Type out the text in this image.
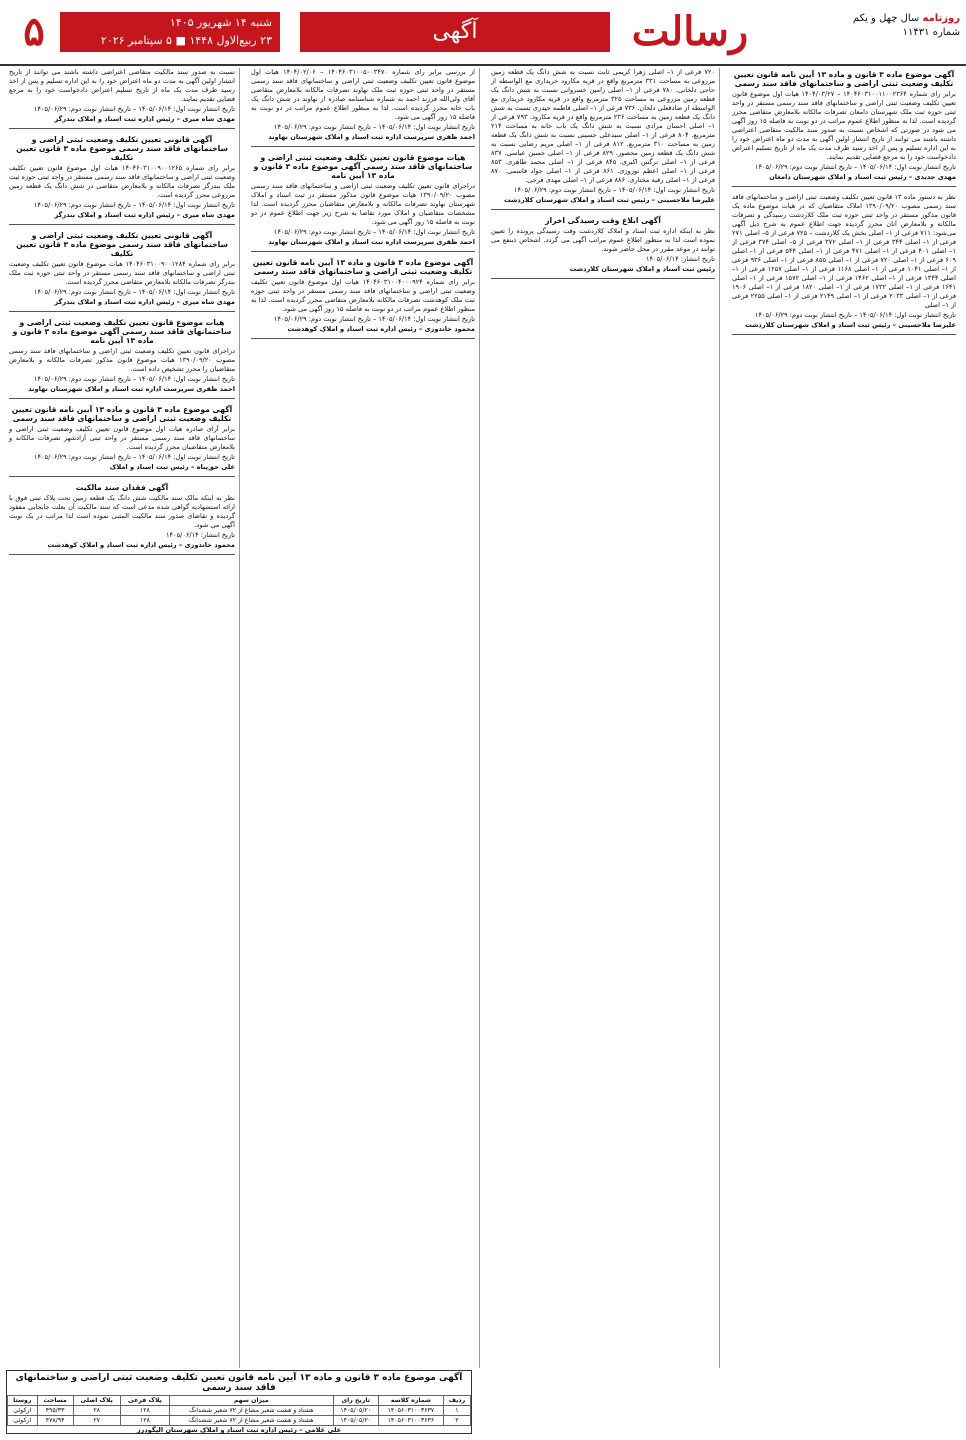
۵	شنبه ۱۴ شهریور ۱۴۰۵
۲۳ ربیع‌الاول ۱۴۴۸ ■ ۵ سپتامبر ۲۰۲۶	آگهی	رسالت	روزنامه سال چهل و یکم
شماره ۱۱۴۳۱
آگهی موضوع ماده ۳ قانون و ماده ۱۳ آیین نامه قانون تعیین تکلیف وضعیت ثبتی اراضی و ساختمانهای فاقد سند رسمی

برابر رای شماره ۱۴۰۴۶۰۳۱۰۰۱۱۰۰۲۳۶۴ – ۱۴۰۴/۰۳/۲۷ هیات اول موضوع قانون تعیین تکلیف وضعیت ثبتی اراضی و ساختمانهای فاقد سند رسمی مستقر در واحد ثبتی حوزه ثبت ملک شهرستان دامغان تصرفات مالکانه بلامعارض متقاضی محرز گردیده است. لذا به منظور اطلاع عموم مراتب در دو نوبت به فاصله ۱۵ روز آگهی می شود در صورتی که اشخاص نسبت به صدور سند مالکیت متقاضی اعتراضی داشته باشند می توانند از تاریخ انتشار اولین آگهی به مدت دو ماه اعتراض خود را به این اداره تسلیم و پس از اخذ رسید ظرف مدت یک ماه از تاریخ تسلیم اعتراض دادخواست خود را به مرجع قضایی تقدیم نمایند.

تاریخ انتشار نوبت اول: ۱۴۰۵/۰۶/۱۴ – تاریخ انتشار نوبت دوم: ۱۴۰۵/۰۶/۲۹

مهدی جدیدی – رئیس ثبت اسناد و املاک شهرستان دامغان

نظر به دستور ماده ۱۳ قانون تعیین تکلیف وضعیت ثبتی اراضی و ساختمانهای فاقد سند رسمی مصوب ۱۳۹۰/۰۹/۲۰ املاک متقاضیان که در هیات موضوع ماده یک قانون مذکور مستقر در واحد ثبتی حوزه ثبت ملک کلاردشت رسیدگی و تصرفات مالکانه و بلامعارض آنان محرز گردیده جهت اطلاع عموم به شرح ذیل آگهی می‌شود: ۷۱۱ فرعی از ۱– اصلی بخش یک کلاردشت – ۷۲۵ فرعی از ۵– اصلی ۲۷۱ فرعی از ۱– اصلی ۳۴۴ فرعی از ۱– اصلی ۳۷۲ فرعی از ۵– اصلی ۳۷۴ فرعی از ۱– اصلی ۴۰۱ فرعی از ۱– اصلی ۴۷۱ فرعی از ۱– اصلی ۵۴۴ فرعی از ۱– اصلی ۶۰۹ فرعی از ۱– اصلی ۷۲۰ فرعی از ۱– اصلی ۸۵۵ فرعی از ۱– اصلی ۹۳۶ فرعی از ۱– اصلی ۱۰۴۱ فرعی از ۱– اصلی ۱۱۶۸ فرعی از ۱– اصلی ۱۲۵۷ فرعی از ۱– اصلی ۱۳۴۴ فرعی از ۱– اصلی ۱۴۶۲ فرعی از ۱– اصلی ۱۵۷۲ فرعی از ۱– اصلی ۱۶۴۱ فرعی از ۱– اصلی ۱۷۳۲ فرعی از ۱– اصلی ۱۸۲۰ فرعی از ۱– اصلی ۱۹۰۶ فرعی از ۱– اصلی ۲۰۳۳ فرعی از ۱– اصلی ۲۱۴۹ فرعی از ۱– اصلی ۲۲۵۵ فرعی از ۱– اصلی

تاریخ انتشار نوبت اول: ۱۴۰۵/۰۶/۱۴ – تاریخ انتشار نوبت دوم: ۱۴۰۵/۰۶/۲۹

علیرضا ملاحسینی – رئیس ثبت اسناد و املاک شهرستان کلاردشت

۷۲۰ فرعی از ۱– اصلی زهرا کریمی ثابت نسبت به شش دانگ یک قطعه زمین مزروعی به مساحت ۳۳۱ مترمربع واقع در قریه مکارود خریداری مع الواسطه از حاجی دلخانی. ۷۸۰ فرعی از ۱– اصلی رامین خسروانی نسبت به شش دانگ یک قطعه زمین مزروعی به مساحت ۳۲۵ مترمربع واقع در قریه مکارود خریداری مع الواسطه از صادقعلی دلخان. ۷۳۶ فرعی از ۱– اصلی فاطمه حیدری نسبت به شش دانگ یک قطعه زمین به مساحت ۲۳۶ مترمربع واقع در قریه مکارود. ۷۹۳ فرعی از ۱– اصلی احسان مرادی نسبت به شش دانگ یک باب خانه به مساحت ۲۱۴ مترمربع. ۸۰۴ فرعی از ۱– اصلی سیدعلی حسینی نسبت به شش دانگ یک قطعه زمین به مساحت ۳۱۰ مترمربع. ۸۱۲ فرعی از ۱– اصلی مریم رضایی نسبت به شش دانگ یک قطعه زمین محصور. ۸۲۹ فرعی از ۱– اصلی حسین عباسی. ۸۳۷ فرعی از ۱– اصلی نرگس اکبری. ۸۴۵ فرعی از ۱– اصلی محمد طاهری. ۸۵۳ فرعی از ۱– اصلی اعظم نوروزی. ۸۶۱ فرعی از ۱– اصلی جواد قاسمی. ۸۷۰ فرعی از ۱– اصلی رقیه مختاری. ۸۸۶ فرعی از ۱– اصلی مهدی فرجی.

تاریخ انتشار نوبت اول: ۱۴۰۵/۰۶/۱۴ – تاریخ انتشار نوبت دوم: ۱۴۰۵/۰۶/۲۹

علیرضا ملاحسینی – رئیس ثبت اسناد و املاک شهرستان کلاردشت

آگهی ابلاغ وقت رسیدگی اخراز

نظر به اینکه اداره ثبت اسناد و املاک کلاردشت وقت رسیدگی پرونده را تعیین نموده است لذا به منظور اطلاع عموم مراتب آگهی می گردد. اشخاص ذینفع می توانند در موعد مقرر در محل حاضر شوند.

تاریخ انتشار: ۱۴۰۵/۰۶/۱۴

رئیس ثبت اسناد و املاک شهرستان کلاردشت

از بررسی برابر رای شماره ۱۴۰۴۶۰۳۱۰۰۵۰۰۳۴۷۰ – ۱۴۰۴/۰۲/۰۶ هیات اول موضوع قانون تعیین تکلیف وضعیت ثبتی اراضی و ساختمانهای فاقد سند رسمی مستقر در واحد ثبتی حوزه ثبت ملک نهاوند تصرفات مالکانه بلامعارض متقاضی آقای ولی‌الله فرزند احمد به شماره شناسنامه صادره از نهاوند در شش دانگ یک باب خانه محرز گردیده است. لذا به منظور اطلاع عموم مراتب در دو نوبت به فاصله ۱۵ روز آگهی می شود.

تاریخ انتشار نوبت اول: ۱۴۰۵/۰۶/۱۴ – تاریخ انتشار نوبت دوم: ۱۴۰۵/۰۶/۲۹

احمد ظفری سرپرست اداره ثبت اسناد و املاک شهرستان نهاوند

هیات موضوع قانون تعیین تکلیف وضعیت ثبتی اراضی و ساختمانهای فاقد سند رسمی آگهی موضوع ماده ۳ قانون و ماده ۱۳ آیین نامه

دراجرای قانون تعیین تکلیف وضعیت ثبتی اراضی و ساختمانهای فاقد سند رسمی مصوب ۱۳۹۰/۰۹/۲۰ هیات موضوع قانون مذکور مستقر در ثبت اسناد و املاک شهرستان نهاوند تصرفات مالکانه و بلامعارض متقاضیان محرز گردیده است. لذا مشخصات متقاضیان و املاک مورد تقاضا به شرح زیر جهت اطلاع عموم در دو نوبت به فاصله ۱۵ روز آگهی می شود.

تاریخ انتشار نوبت اول: ۱۴۰۵/۰۶/۱۴ – تاریخ انتشار نوبت دوم: ۱۴۰۵/۰۶/۲۹

احمد ظفری سرپرست اداره ثبت اسناد و املاک شهرستان نهاوند

آگهی موضوع ماده ۳ قانون و ماده ۱۳ آیین نامه قانون تعیین تکلیف وضعیت ثبتی اراضی و ساختمانهای فاقد سند رسمی

برابر رای شماره ۱۴۰۴۶۰۳۱۰۰۴۰۰۰۹۲۴ هیات اول موضوع قانون تعیین تکلیف وضعیت ثبتی اراضی و ساختمانهای فاقد سند رسمی مستقر در واحد ثبتی حوزه ثبت ملک کوهدشت تصرفات مالکانه بلامعارض متقاضی محرز گردیده است. لذا به منظور اطلاع عموم مراتب در دو نوبت به فاصله ۱۵ روز آگهی می شود.

تاریخ انتشار نوبت اول: ۱۴۰۵/۰۶/۱۴ – تاریخ انتشار نوبت دوم: ۱۴۰۵/۰۶/۲۹

محمود خاندوزی – رئیس اداره ثبت اسناد و املاک کوهدشت

نسبت به صدور سند مالکیت متقاضی اعتراضی داشته باشند می توانند از تاریخ انتشار اولین آگهی به مدت دو ماه اعتراض خود را به این اداره تسلیم و پس از اخذ رسید ظرف مدت یک ماه از تاریخ تسلیم اعتراض دادخواست خود را به مرجع قضایی تقدیم نمایند.

تاریخ انتشار نوبت اول: ۱۴۰۵/۰۶/۱۴ – تاریخ انتشار نوبت دوم: ۱۴۰۵/۰۶/۲۹

مهدی شاه میری – رئیس اداره ثبت اسناد و املاک بندرگز

آگهی قانونی تعیین تکلیف وضعیت ثبتی اراضی و ساختمانهای فاقد سند رسمی موضوع ماده ۳ قانون تعیین تکلیف

برابر رای شماره ۱۴۰۴۶۰۳۱۰۰۹۰۰۱۲۶۵ هیات اول موضوع قانون تعیین تکلیف وضعیت ثبتی اراضی و ساختمانهای فاقد سند رسمی مستقر در واحد ثبتی حوزه ثبت ملک بندرگز تصرفات مالکانه و بلامعارض متقاضی در شش دانگ یک قطعه زمین مزروعی محرز گردیده است.

تاریخ انتشار نوبت اول: ۱۴۰۵/۰۶/۱۴ – تاریخ انتشار نوبت دوم: ۱۴۰۵/۰۶/۲۹

مهدی شاه میری – رئیس اداره ثبت اسناد و املاک بندرگز

آگهی قانونی تعیین تکلیف وضعیت ثبتی اراضی و ساختمانهای فاقد سند رسمی موضوع ماده ۳ قانون تعیین تکلیف

برابر رای شماره ۱۴۰۴۶۰۳۱۰۰۹۰۰۱۲۸۴ هیات موضوع قانون تعیین تکلیف وضعیت ثبتی اراضی و ساختمانهای فاقد سند رسمی مستقر در واحد ثبتی حوزه ثبت ملک بندرگز تصرفات مالکانه بلامعارض متقاضی محرز گردیده است.

تاریخ انتشار نوبت اول: ۱۴۰۵/۰۶/۱۴ – تاریخ انتشار نوبت دوم: ۱۴۰۵/۰۶/۲۹

مهدی شاه میری – رئیس اداره ثبت اسناد و املاک بندرگز

هیات موضوع قانون تعیین تکلیف وضعیت ثبتی اراضی و ساختمانهای فاقد سند رسمی آگهی موضوع ماده ۳ قانون و ماده ۱۳ آیین نامه

دراجرای قانون تعیین تکلیف وضعیت ثبتی اراضی و ساختمانهای فاقد سند رسمی مصوب ۱۳۹۰/۰۹/۲۰ هیات موضوع قانون مذکور تصرفات مالکانه و بلامعارض متقاضیان را محرز تشخیص داده است.

تاریخ انتشار نوبت اول: ۱۴۰۵/۰۶/۱۴ – تاریخ انتشار نوبت دوم: ۱۴۰۵/۰۶/۲۹

احمد ظفری سرپرست اداره ثبت اسناد و املاک شهرستان نهاوند

آگهی موضوع ماده ۳ قانون و ماده ۱۳ آیین نامه قانون تعیین تکلیف وضعیت ثبتی اراضی و ساختمانهای فاقد سند رسمی

برابر آرای صادره هیات اول موضوع قانون تعیین تکلیف وضعیت ثبتی اراضی و ساختمانهای فاقد سند رسمی مستقر در واحد ثبتی آزادشهر تصرفات مالکانه و بلامعارض متقاضیان محرز گردیده است.

تاریخ انتشار نوبت اول: ۱۴۰۵/۰۶/۱۴ – تاریخ انتشار نوبت دوم: ۱۴۰۵/۰۶/۲۹

علی حق‌پناه – رئیس ثبت اسناد و املاک

آگهی فقدان سند مالکیت

نظر به اینکه مالک سند مالکیت شش دانگ یک قطعه زمین تحت پلاک ثبتی فوق با ارائه استشهادیه گواهی شده مدعی است که سند مالکیت آن بعلت جابجایی مفقود گردیده و تقاضای صدور سند مالکیت المثنی نموده است لذا مراتب در یک نوبت آگهی می شود.

تاریخ انتشار: ۱۴۰۵/۰۶/۱۴

محمود خاندوزی – رئیس اداره ثبت اسناد و املاک کوهدشت

آگهی موضوع ماده ۳ قانون و ماده ۱۳ آیین نامه قانون تعیین تکلیف وضعیت ثبتی اراضی و ساختمانهای فاقد سند رسمی
ردیف	شماره کلاسه	تاریخ رای	میزان سهم	پلاک فرعی	پلاک اصلی	مساحت	روستا
۱	۱۴۰۵۶۰۳۱۰۰۳۶۳۷	۱۴۰۵/۰۵/۲۰	هشتاد و هشت شعیر مشاع از ۷۲ شعیر ششدانگ	۱۲۸	۲۸	۴۹۵/۳۳	ارکوئی
۲	۱۴۰۵۶۰۳۱۰۰۳۶۳۶	۱۴۰۵/۰۵/۲۰	هشتاد و هشت شعیر مشاع از ۷۲ شعیر ششدانگ	۱۲۸	۲۷	۴۷۸/۹۴	ارکوئی
علی غلامی – رئیس اداره ثبت اسناد و املاک شهرستان الیگودرز
